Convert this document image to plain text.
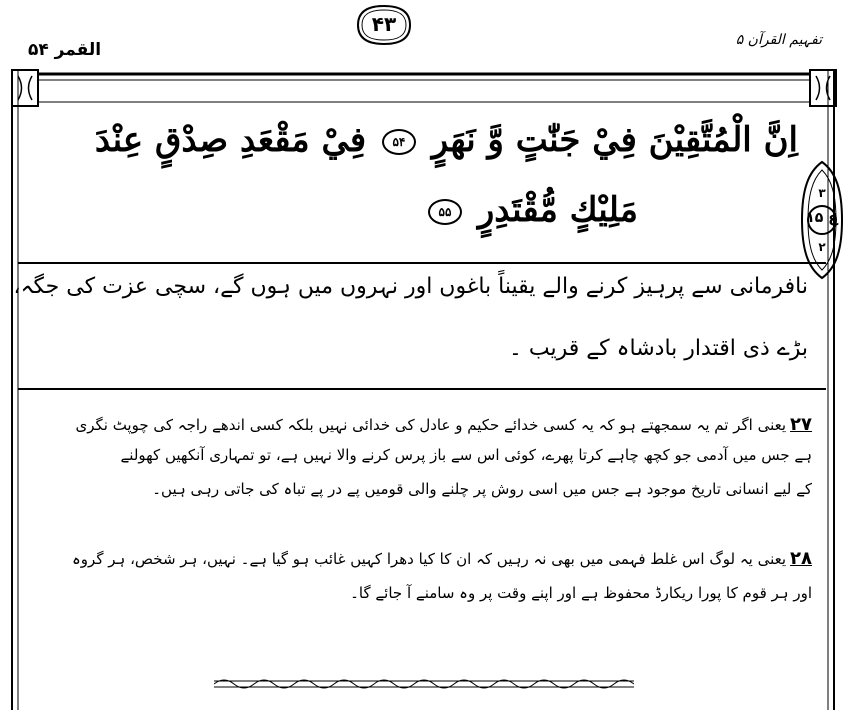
القمر ۵۴	تفہیم القرآن ۵
۴۳
۳
ع ۱۵
۲
اِنَّ الْمُتَّقِيْنَ فِيْ جَنّٰتٍ وَّ نَهَرٍ ۵۴ فِيْ مَقْعَدِ صِدْقٍ عِنْدَ
مَلِيْكٍ مُّقْتَدِرٍ ۵۵
نافرمانی سے پرہیز کرنے والے یقیناً باغوں اور نہروں میں ہوں گے، سچی عزت کی جگہ،
بڑے ذی اقتدار بادشاہ کے قریب ۔
۲۷یعنی اگر تم یہ سمجھتے ہو کہ یہ کسی خدائے حکیم و عادل کی خدائی نہیں بلکہ کسی اندھے راجہ کی چوپٹ نگری
ہے جس میں آدمی جو کچھ چاہے کرتا پھرے، کوئی اس سے باز پرس کرنے والا نہیں ہے، تو تمہاری آنکھیں کھولنے
کے لیے انسانی تاریخ موجود ہے جس میں اسی روش پر چلنے والی قومیں پے در پے تباہ کی جاتی رہی ہیں۔
۲۸یعنی یہ لوگ اس غلط فہمی میں بھی نہ رہیں کہ ان کا کیا دھرا کہیں غائب ہو گیا ہے۔ نہیں، ہر شخص، ہر گروہ
اور ہر قوم کا پورا ریکارڈ محفوظ ہے اور اپنے وقت پر وہ سامنے آ جائے گا۔
